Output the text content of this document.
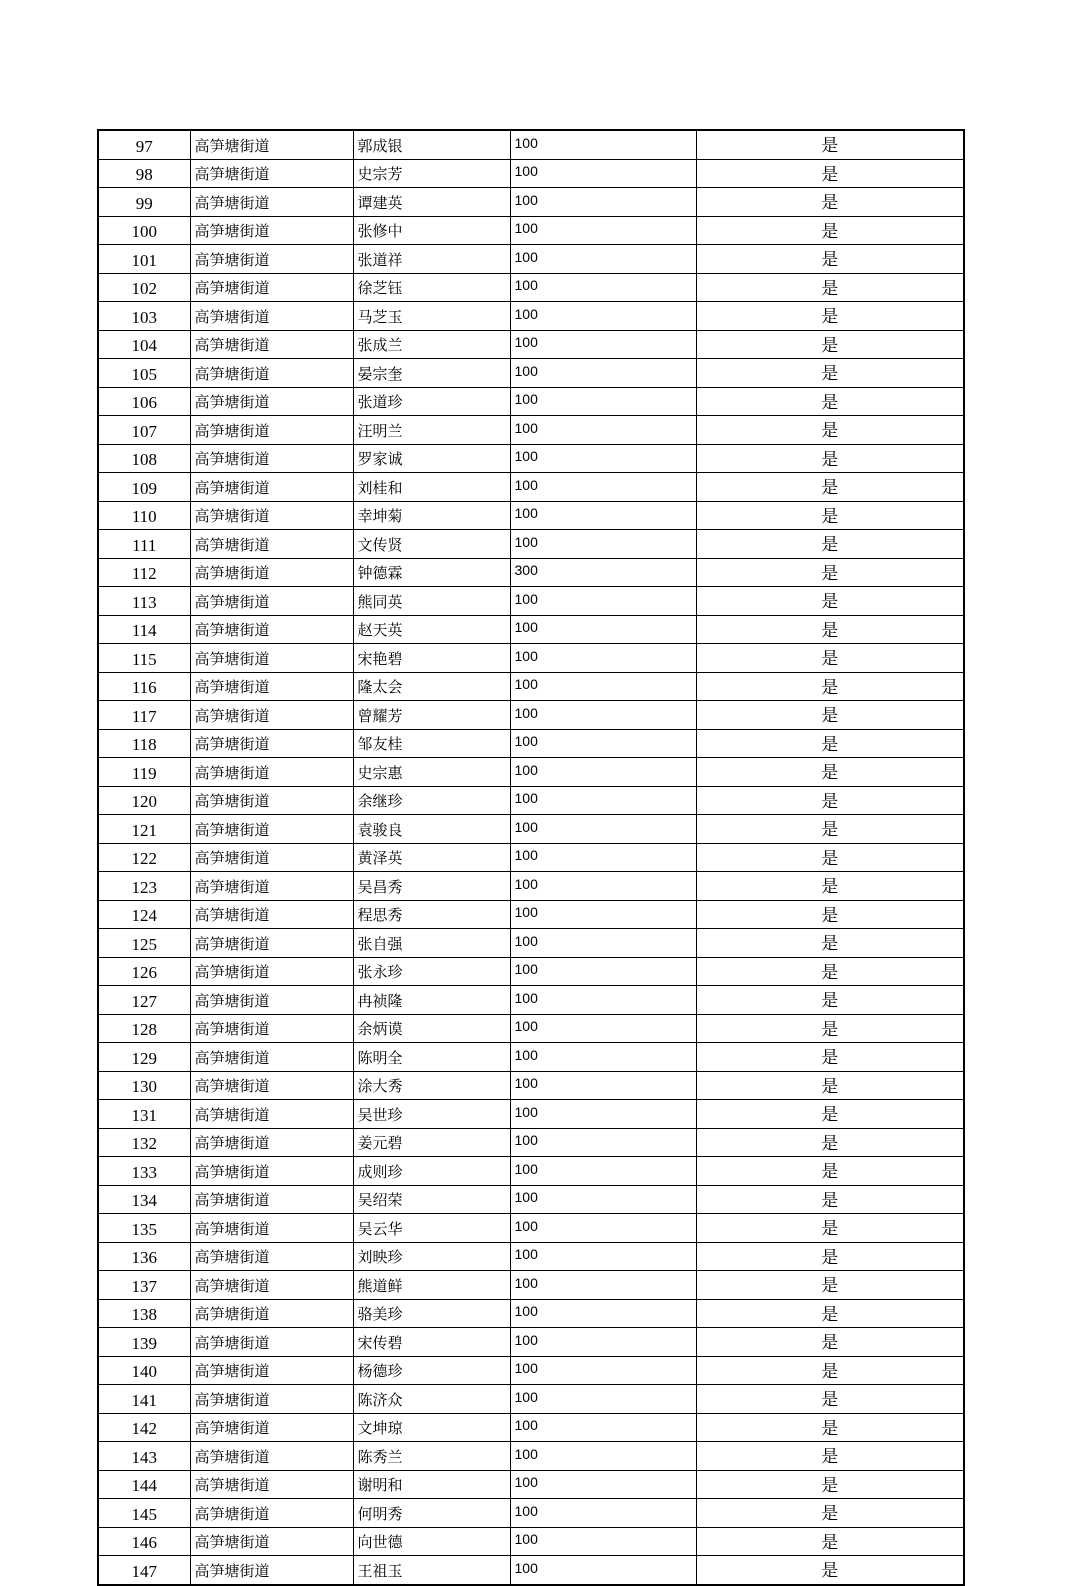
97	高笋塘街道	郭成银	100	是
98	高笋塘街道	史宗芳	100	是
99	高笋塘街道	谭建英	100	是
100	高笋塘街道	张修中	100	是
101	高笋塘街道	张道祥	100	是
102	高笋塘街道	徐芝钰	100	是
103	高笋塘街道	马芝玉	100	是
104	高笋塘街道	张成兰	100	是
105	高笋塘街道	晏宗奎	100	是
106	高笋塘街道	张道珍	100	是
107	高笋塘街道	汪明兰	100	是
108	高笋塘街道	罗家诚	100	是
109	高笋塘街道	刘桂和	100	是
110	高笋塘街道	幸坤菊	100	是
111	高笋塘街道	文传贤	100	是
112	高笋塘街道	钟德霖	300	是
113	高笋塘街道	熊同英	100	是
114	高笋塘街道	赵天英	100	是
115	高笋塘街道	宋艳碧	100	是
116	高笋塘街道	隆太会	100	是
117	高笋塘街道	曾耀芳	100	是
118	高笋塘街道	邹友桂	100	是
119	高笋塘街道	史宗惠	100	是
120	高笋塘街道	余继珍	100	是
121	高笋塘街道	袁骏良	100	是
122	高笋塘街道	黄泽英	100	是
123	高笋塘街道	吴昌秀	100	是
124	高笋塘街道	程思秀	100	是
125	高笋塘街道	张自强	100	是
126	高笋塘街道	张永珍	100	是
127	高笋塘街道	冉祯隆	100	是
128	高笋塘街道	余炳谟	100	是
129	高笋塘街道	陈明全	100	是
130	高笋塘街道	涂大秀	100	是
131	高笋塘街道	吴世珍	100	是
132	高笋塘街道	姜元碧	100	是
133	高笋塘街道	成则珍	100	是
134	高笋塘街道	吴绍荣	100	是
135	高笋塘街道	吴云华	100	是
136	高笋塘街道	刘映珍	100	是
137	高笋塘街道	熊道鲜	100	是
138	高笋塘街道	骆美珍	100	是
139	高笋塘街道	宋传碧	100	是
140	高笋塘街道	杨德珍	100	是
141	高笋塘街道	陈济众	100	是
142	高笋塘街道	文坤琼	100	是
143	高笋塘街道	陈秀兰	100	是
144	高笋塘街道	谢明和	100	是
145	高笋塘街道	何明秀	100	是
146	高笋塘街道	向世德	100	是
147	高笋塘街道	王祖玉	100	是
